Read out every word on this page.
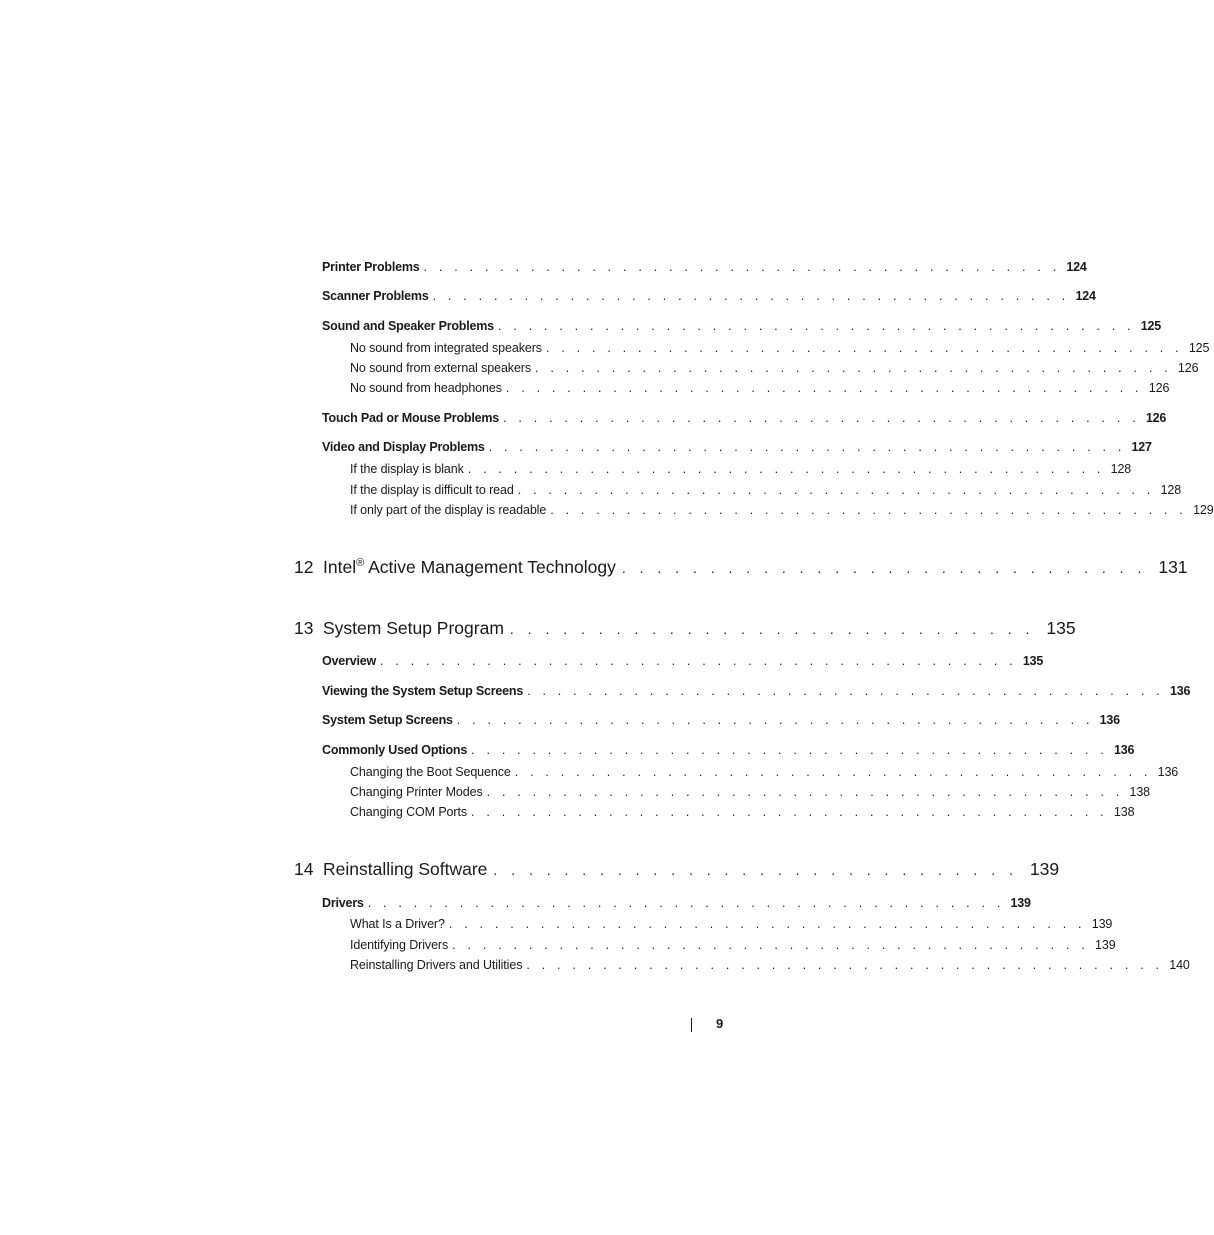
Printer Problems . . . . . . . . . . . . . . . . . . . . . . . . . . . . . . . . . . . . . . . . . . 124
Scanner Problems . . . . . . . . . . . . . . . . . . . . . . . . . . . . . . . . . . . . . . . . . . 124
Sound and Speaker Problems . . . . . . . . . . . . . . . . . . . . . . . . . . . . . . . . . . . . . . . . . . 125
No sound from integrated speakers . . . . . . . . . . . . . . . . . . . . . . . . . . . . . . . . . . . . . . . . . . 125
No sound from external speakers . . . . . . . . . . . . . . . . . . . . . . . . . . . . . . . . . . . . . . . . . . 126
No sound from headphones . . . . . . . . . . . . . . . . . . . . . . . . . . . . . . . . . . . . . . . . . . 126
Touch Pad or Mouse Problems . . . . . . . . . . . . . . . . . . . . . . . . . . . . . . . . . . . . . . . . . . 126
Video and Display Problems . . . . . . . . . . . . . . . . . . . . . . . . . . . . . . . . . . . . . . . . . . 127
If the display is blank . . . . . . . . . . . . . . . . . . . . . . . . . . . . . . . . . . . . . . . . . . 128
If the display is difficult to read . . . . . . . . . . . . . . . . . . . . . . . . . . . . . . . . . . . . . . . . . . 128
If only part of the display is readable . . . . . . . . . . . . . . . . . . . . . . . . . . . . . . . . . . . . . . . . . . 129
12 Intel® Active Management Technology . . . . . . . . . . . . . . . . . . . . . . . . . . . . . . 131
13 System Setup Program . . . . . . . . . . . . . . . . . . . . . . . . . . . . . . 135
Overview . . . . . . . . . . . . . . . . . . . . . . . . . . . . . . . . . . . . . . . . . . 135
Viewing the System Setup Screens . . . . . . . . . . . . . . . . . . . . . . . . . . . . . . . . . . . . . . . . . . 136
System Setup Screens . . . . . . . . . . . . . . . . . . . . . . . . . . . . . . . . . . . . . . . . . . 136
Commonly Used Options . . . . . . . . . . . . . . . . . . . . . . . . . . . . . . . . . . . . . . . . . . 136
Changing the Boot Sequence . . . . . . . . . . . . . . . . . . . . . . . . . . . . . . . . . . . . . . . . . . 136
Changing Printer Modes . . . . . . . . . . . . . . . . . . . . . . . . . . . . . . . . . . . . . . . . . . 138
Changing COM Ports . . . . . . . . . . . . . . . . . . . . . . . . . . . . . . . . . . . . . . . . . . 138
14 Reinstalling Software . . . . . . . . . . . . . . . . . . . . . . . . . . . . . . 139
Drivers . . . . . . . . . . . . . . . . . . . . . . . . . . . . . . . . . . . . . . . . . . 139
What Is a Driver? . . . . . . . . . . . . . . . . . . . . . . . . . . . . . . . . . . . . . . . . . . 139
Identifying Drivers . . . . . . . . . . . . . . . . . . . . . . . . . . . . . . . . . . . . . . . . . . 139
Reinstalling Drivers and Utilities . . . . . . . . . . . . . . . . . . . . . . . . . . . . . . . . . . . . . . . . . . 140
9
